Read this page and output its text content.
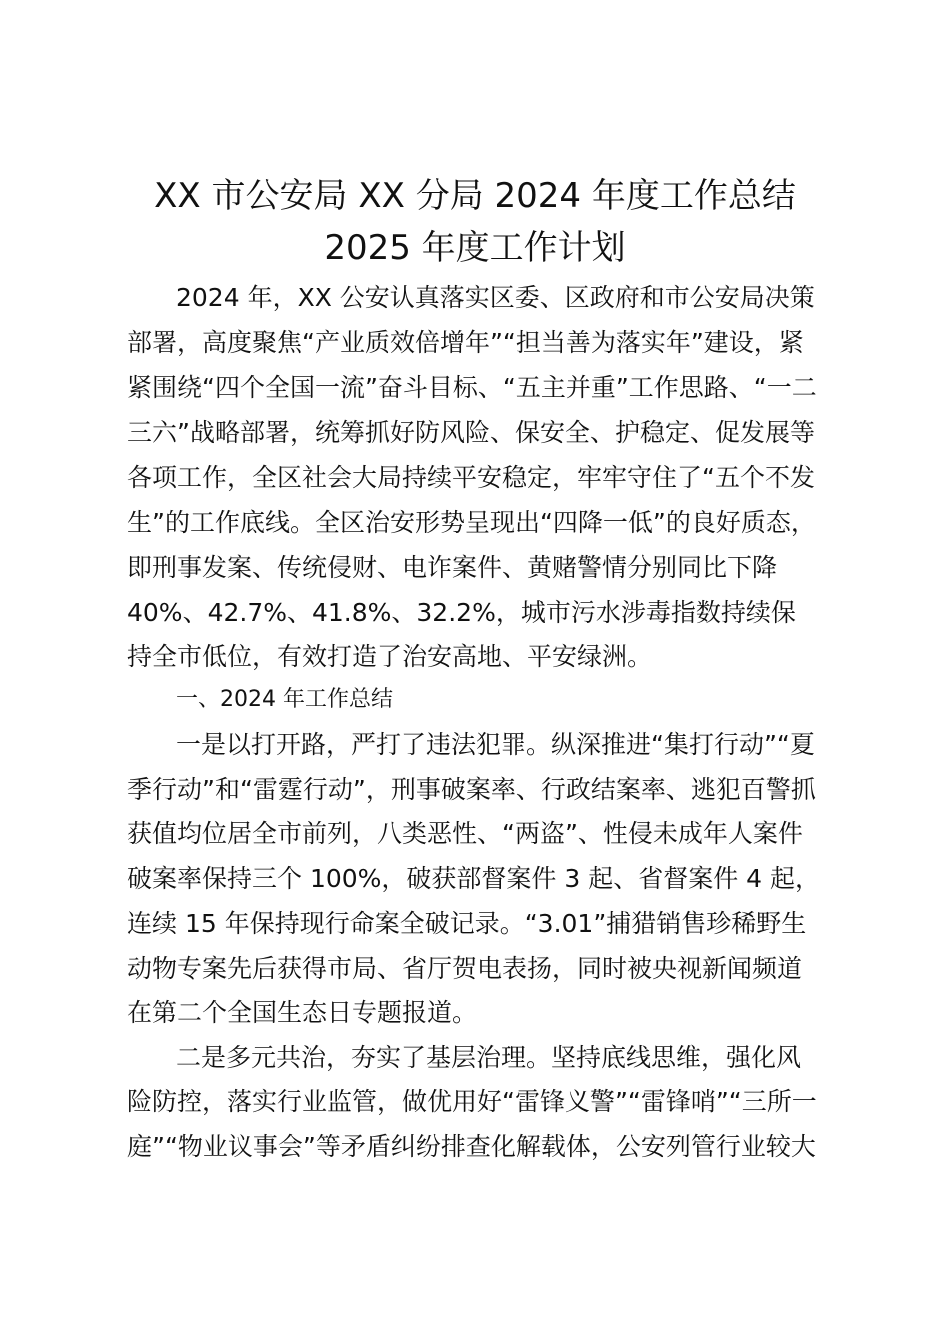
XX 市公安局 XX 分局 2024 年度工作总结
2025 年度工作计划
2024 年，XX 公安认真落实区委、区政府和市公安局决策
部署，高度聚焦“产业质效倍增年”“担当善为落实年”建设，紧
紧围绕“四个全国一流”奋斗目标、“五主并重”工作思路、“一二
三六”战略部署，统筹抓好防风险、保安全、护稳定、促发展等
各项工作，全区社会大局持续平安稳定，牢牢守住了“五个不发
生”的工作底线。全区治安形势呈现出“四降一低”的良好质态，
即刑事发案、传统侵财、电诈案件、黄赌警情分别同比下降
40%、42.7%、41.8%、32.2%，城市污水涉毒指数持续保
持全市低位，有效打造了治安高地、平安绿洲。
一、2024 年工作总结
一是以打开路，严打了违法犯罪。纵深推进“集打行动”“夏
季行动”和“雷霆行动”，刑事破案率、行政结案率、逃犯百警抓
获值均位居全市前列，八类恶性、“两盗”、性侵未成年人案件
破案率保持三个 100%，破获部督案件 3 起、省督案件 4 起，
连续 15 年保持现行命案全破记录。“3.01”捕猎销售珍稀野生
动物专案先后获得市局、省厅贺电表扬，同时被央视新闻频道
在第二个全国生态日专题报道。
二是多元共治，夯实了基层治理。坚持底线思维，强化风
险防控，落实行业监管，做优用好“雷锋义警”“雷锋哨”“三所一
庭”“物业议事会”等矛盾纠纷排查化解载体，公安列管行业较大
